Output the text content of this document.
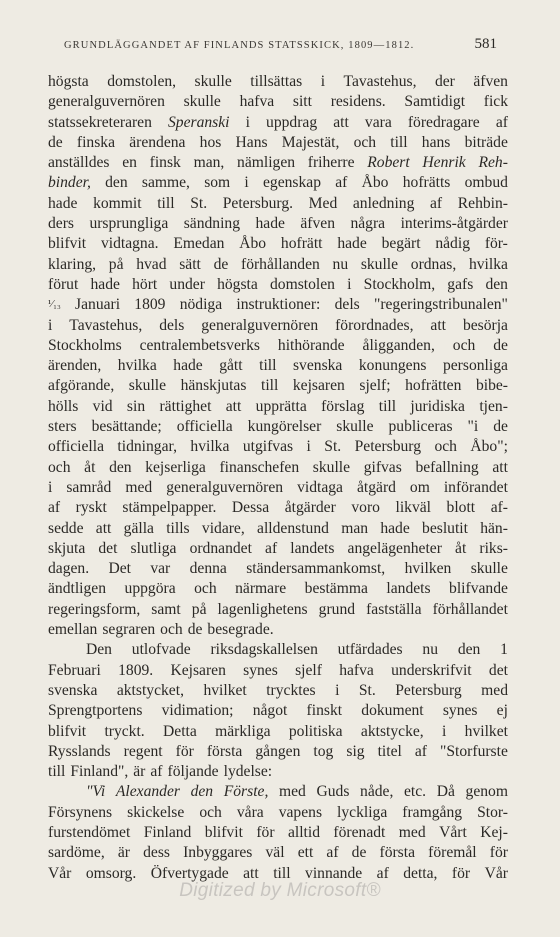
GRUNDLÄGGANDET AF FINLANDS STATSSKICK, 1809—1812.	581
högsta domstolen, skulle tillsättas i Tavastehus, der äfven
generalguvernören skulle hafva sitt residens. Samtidigt fick
statssekreteraren Speranski i uppdrag att vara föredragare af
de finska ärendena hos Hans Majestät, och till hans biträde
anställdes en finsk man, nämligen friherre Robert Henrik Reh-
binder, den samme, som i egenskap af Åbo hofrätts ombud
hade kommit till St. Petersburg. Med anledning af Rehbin-
ders ursprungliga sändning hade äfven några interims-åtgärder
blifvit vidtagna. Emedan Åbo hofrätt hade begärt nådig för-
klaring, på hvad sätt de förhållanden nu skulle ordnas, hvilka
förut hade hört under högsta domstolen i Stockholm, gafs den
¹⁄₁₃ Januari 1809 nödiga instruktioner: dels "regeringstribunalen"
i Tavastehus, dels generalguvernören förordnades, att besörja
Stockholms centralembetsverks hithörande åligganden, och de
ärenden, hvilka hade gått till svenska konungens personliga
afgörande, skulle hänskjutas till kejsaren sjelf; hofrätten bibe-
hölls vid sin rättighet att upprätta förslag till juridiska tjen-
sters besättande; officiella kungörelser skulle publiceras "i de
officiella tidningar, hvilka utgifvas i St. Petersburg och Åbo";
och åt den kejserliga finanschefen skulle gifvas befallning att
i samråd med generalguvernören vidtaga åtgärd om införandet
af ryskt stämpelpapper. Dessa åtgärder voro likväl blott af-
sedde att gälla tills vidare, alldenstund man hade beslutit hän-
skjuta det slutliga ordnandet af landets angelägenheter åt riks-
dagen. Det var denna ständersammankomst, hvilken skulle
ändtligen uppgöra och närmare bestämma landets blifvande
regeringsform, samt på lagenlighetens grund fastställa förhållandet
emellan segraren och de besegrade.
Den utlofvade riksdagskallelsen utfärdades nu den 1
Februari 1809. Kejsaren synes sjelf hafva underskrifvit det
svenska aktstycket, hvilket trycktes i St. Petersburg med
Sprengtportens vidimation; något finskt dokument synes ej
blifvit tryckt. Detta märkliga politiska aktstycke, i hvilket
Rysslands regent för första gången tog sig titel af "Storfurste
till Finland", är af följande lydelse:
"Vi Alexander den Förste, med Guds nåde, etc. Då genom
Försynens skickelse och våra vapens lyckliga framgång Stor-
furstendömet Finland blifvit för alltid förenadt med Vårt Kej-
sardöme, är dess Inbyggares väl ett af de första föremål för
Vår omsorg. Öfvertygade att till vinnande af detta, för Vår
Digitized by Microsoft®
